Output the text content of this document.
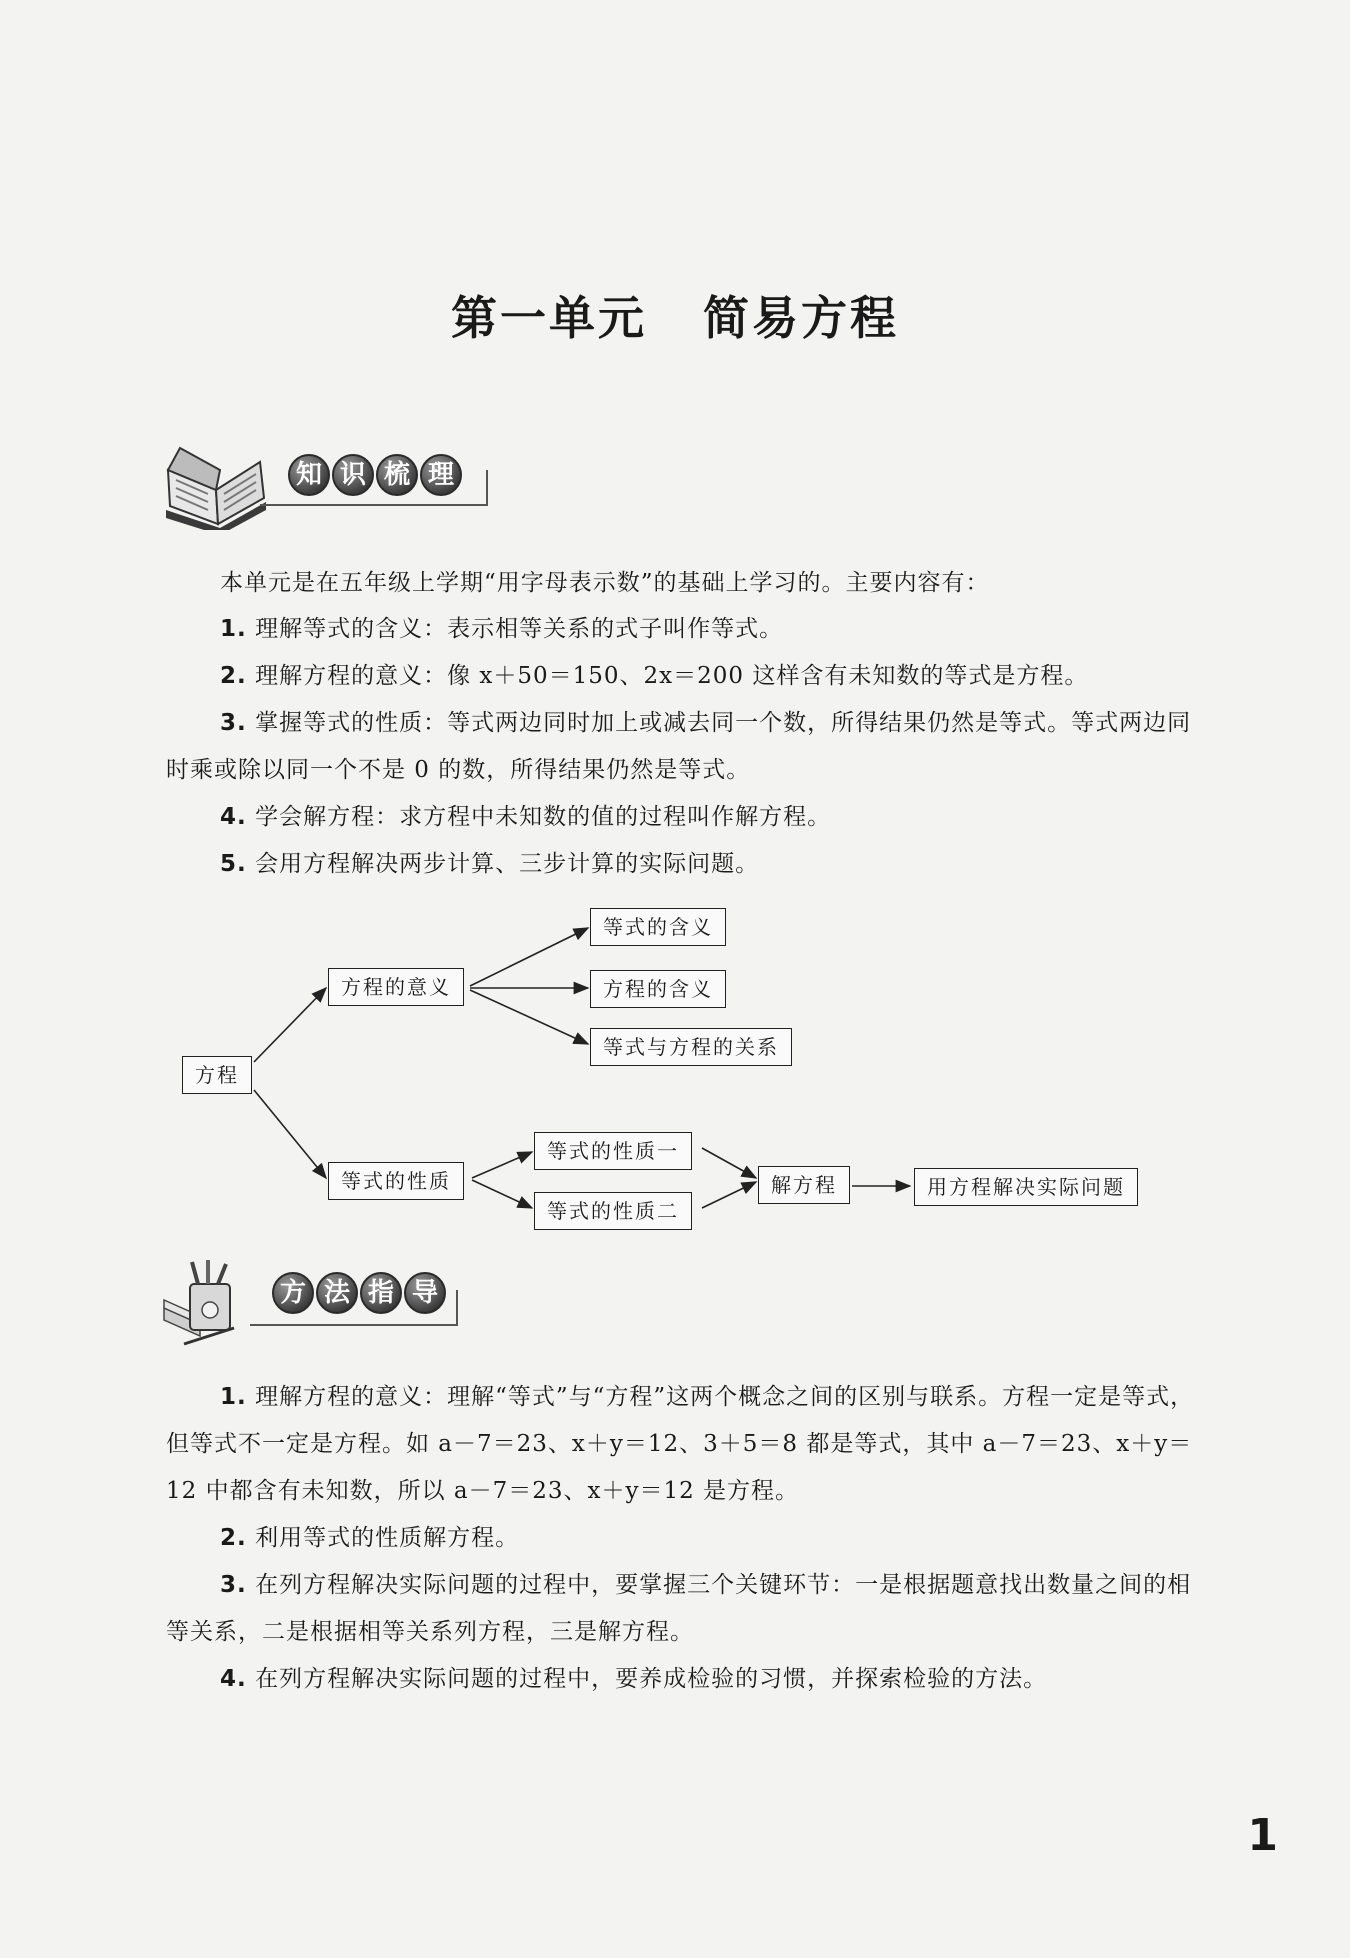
第一单元 简易方程
知 识 梳 理
本单元是在五年级上学期“用字母表示数”的基础上学习的。主要内容有：
1. 理解等式的含义：表示相等关系的式子叫作等式。
2. 理解方程的意义：像 x＋50＝150、2x＝200 这样含有未知数的等式是方程。
3. 掌握等式的性质：等式两边同时加上或减去同一个数，所得结果仍然是等式。等式两边同时乘或除以同一个不是 0 的数，所得结果仍然是等式。
4. 学会解方程：求方程中未知数的值的过程叫作解方程。
5. 会用方程解决两步计算、三步计算的实际问题。
方程
方程的意义
等式的性质
等式的含义
方程的含义
等式与方程的关系
等式的性质一
等式的性质二
解方程	用方程解决实际问题
方 法 指 导
1. 理解方程的意义：理解“等式”与“方程”这两个概念之间的区别与联系。方程一定是等式，但等式不一定是方程。如 a－7＝23、x＋y＝12、3＋5＝8 都是等式，其中 a－7＝23、x＋y＝12 中都含有未知数，所以 a－7＝23、x＋y＝12 是方程。
2. 利用等式的性质解方程。
3. 在列方程解决实际问题的过程中，要掌握三个关键环节：一是根据题意找出数量之间的相等关系，二是根据相等关系列方程，三是解方程。
4. 在列方程解决实际问题的过程中，要养成检验的习惯，并探索检验的方法。
1
